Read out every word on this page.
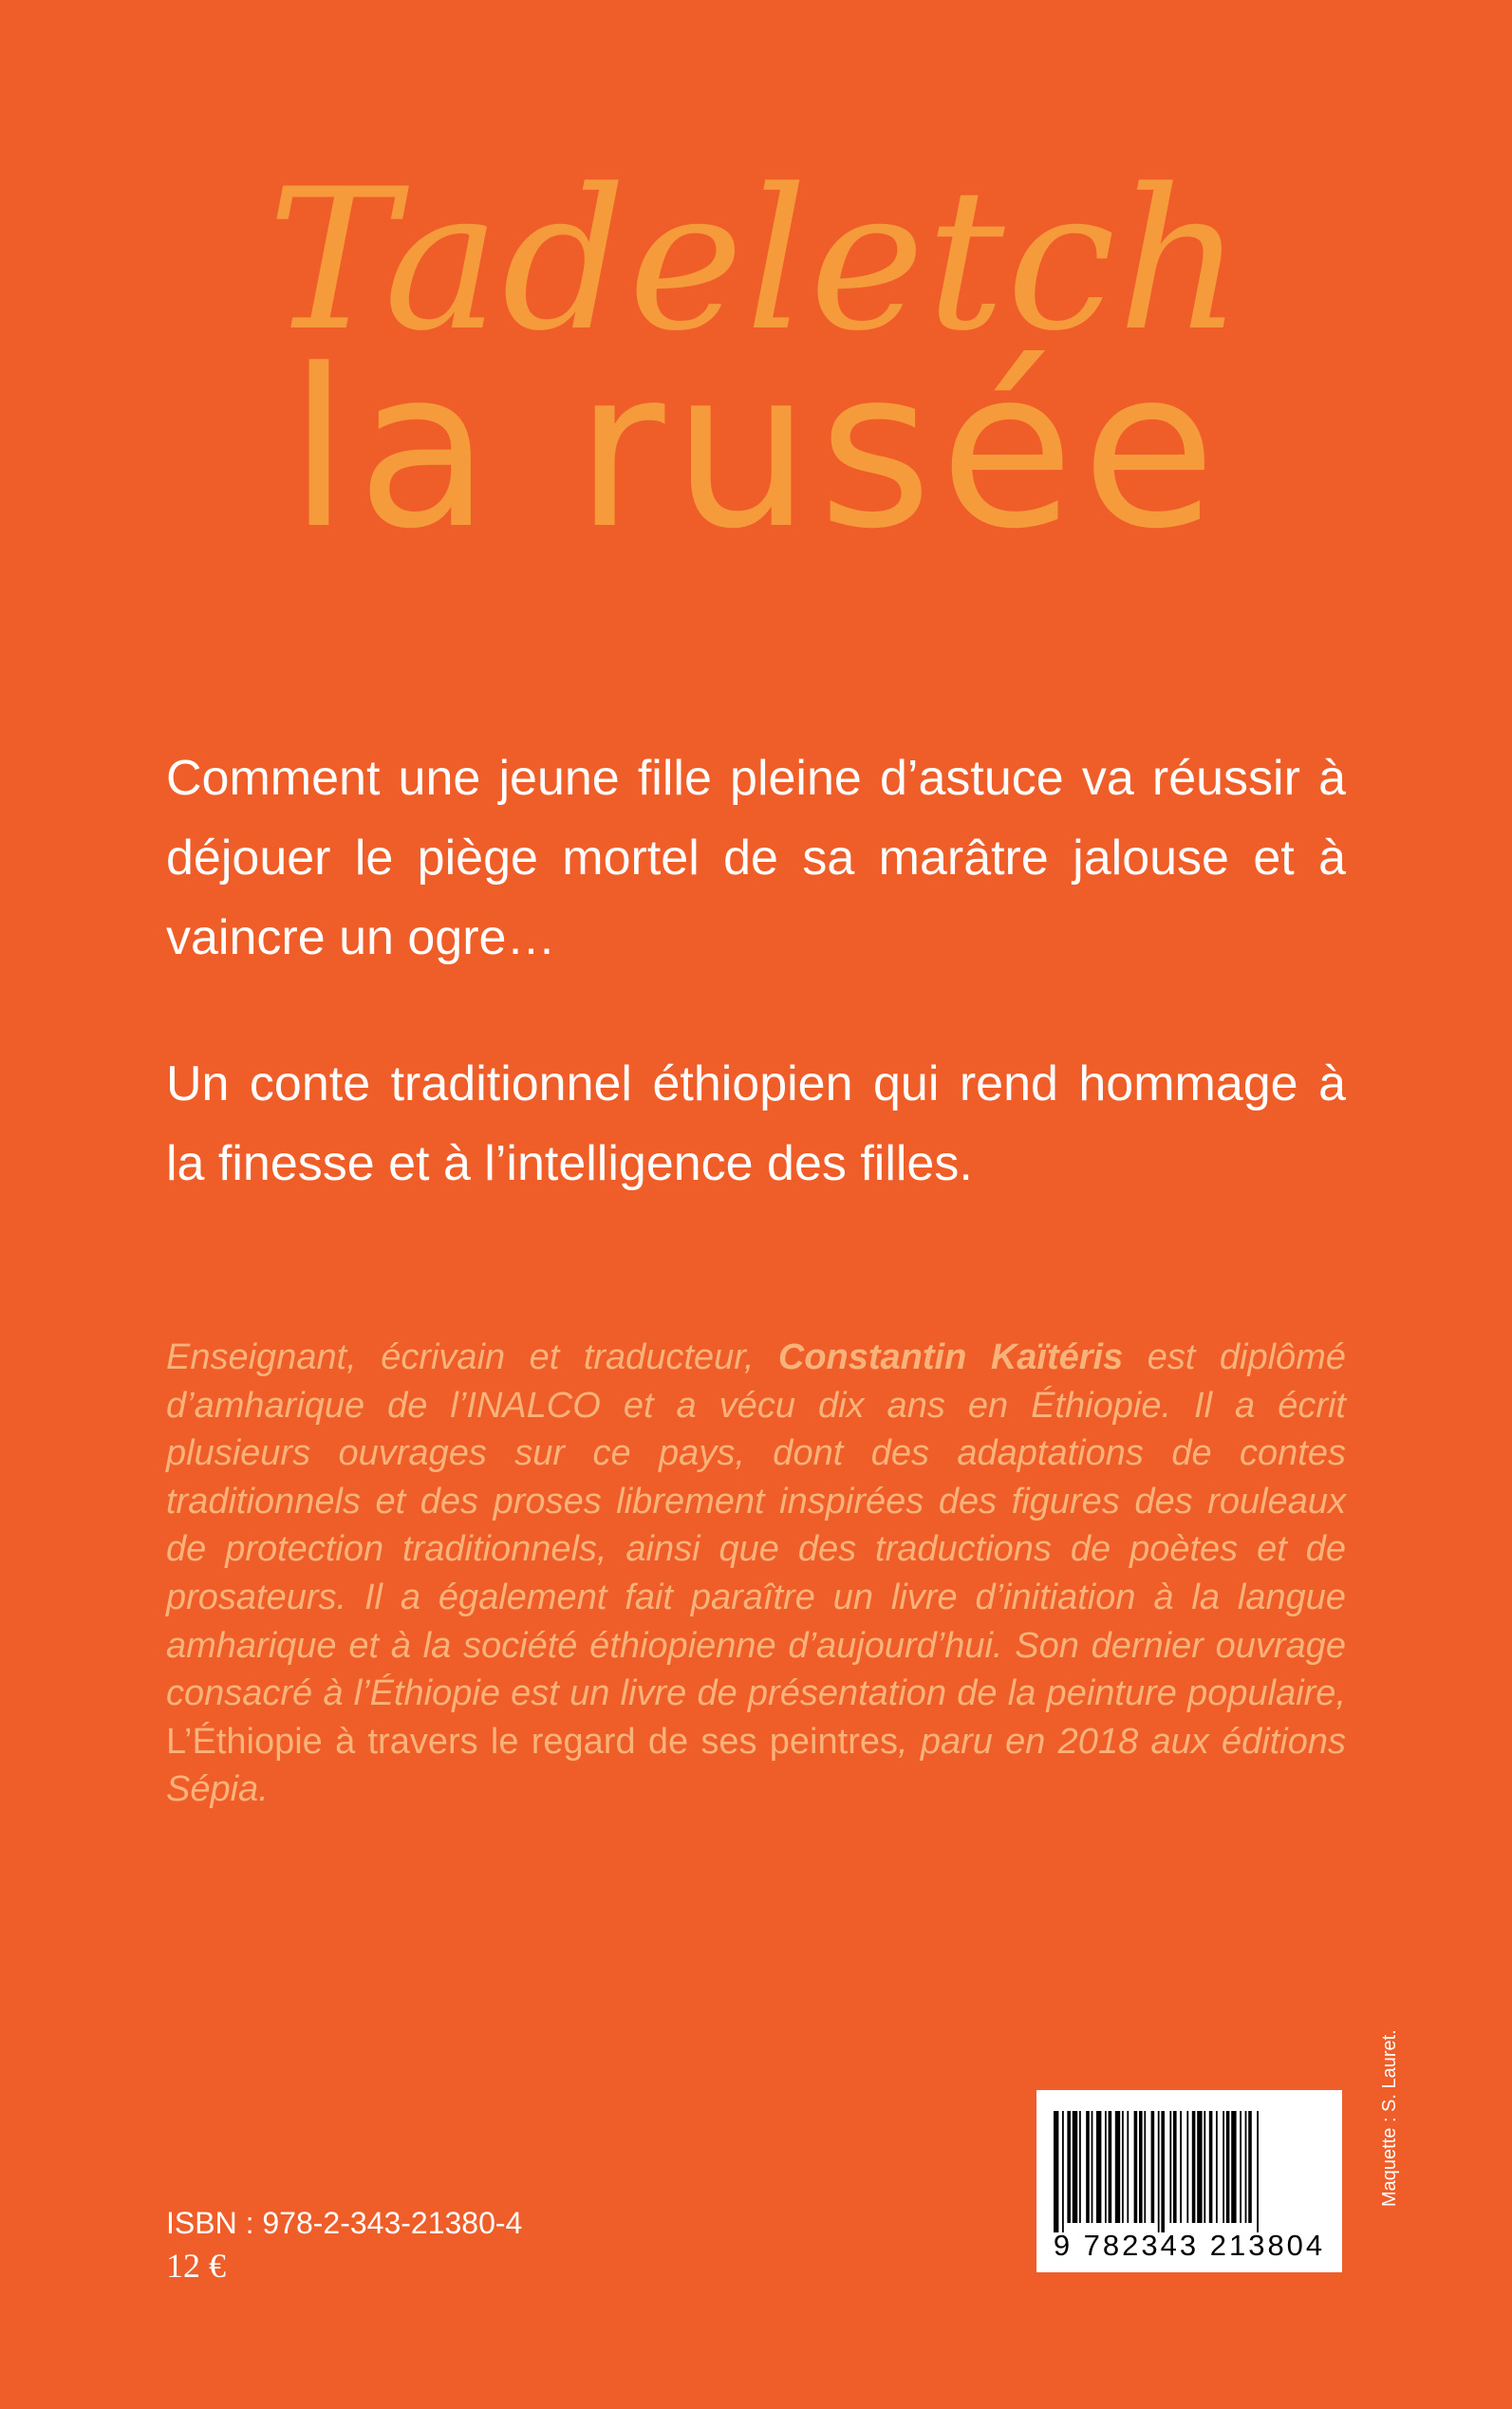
Tadeletch
la rusée

Comment une jeune fille pleine d’astuce va réussir à déjouer le piège mortel de sa marâtre jalouse et à vaincre un ogre…

Un conte traditionnel éthiopien qui rend hommage à la finesse et à l’intelligence des filles.

Enseignant, écrivain et traducteur, Constantin Kaïtéris est diplômé d’amharique de l’INALCO et a vécu dix ans en Éthiopie. Il a écrit plusieurs ouvrages sur ce pays, dont des adaptations de contes traditionnels et des proses librement inspirées des figures des rouleaux de protection traditionnels, ainsi que des traductions de poètes et de prosateurs. Il a également fait paraître un livre d’initiation à la langue amharique et à la société éthiopienne d’aujourd’hui. Son dernier ouvrage consacré à l’Éthiopie est un livre de présentation de la peinture populaire, L’Éthiopie à travers le regard de ses peintres, paru en 2018 aux éditions Sépia.

ISBN : 978-2-343-21380-4
12 €
9 782343 213804
Maquette : S. Lauret.
